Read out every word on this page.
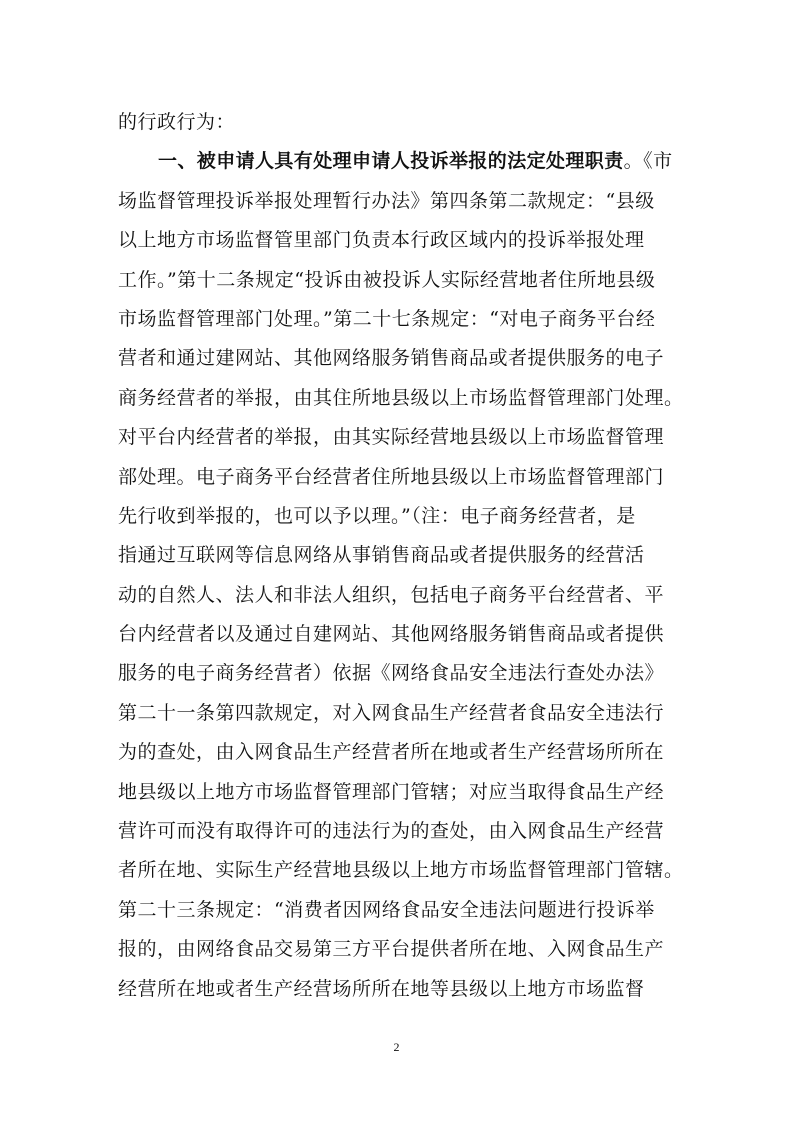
的行政行为：
一、被申请人具有处理申请人投诉举报的法定处理职责。《市
场监督管理投诉举报处理暂行办法》第四条第二款规定：“县级
以上地方市场监督管里部门负责本行政区域内的投诉举报处理
工作。”第十二条规定“投诉由被投诉人实际经营地者住所地县级
市场监督管理部门处理。”第二十七条规定：“对电子商务平台经
营者和通过建网站、其他网络服务销售商品或者提供服务的电子
商务经营者的举报，由其住所地县级以上市场监督管理部门处理。
对平台内经营者的举报，由其实际经营地县级以上市场监督管理
部处理。电子商务平台经营者住所地县级以上市场监督管理部门
先行收到举报的，也可以予以理。”（注：电子商务经营者，是
指通过互联网等信息网络从事销售商品或者提供服务的经营活
动的自然人、法人和非法人组织，包括电子商务平台经营者、平
台内经营者以及通过自建网站、其他网络服务销售商品或者提供
服务的电子商务经营者）依据《网络食品安全违法行查处办法》
第二十一条第四款规定，对入网食品生产经营者食品安全违法行
为的查处，由入网食品生产经营者所在地或者生产经营场所所在
地县级以上地方市场监督管理部门管辖；对应当取得食品生产经
营许可而没有取得许可的违法行为的查处，由入网食品生产经营
者所在地、实际生产经营地县级以上地方市场监督管理部门管辖。
第二十三条规定：“消费者因网络食品安全违法问题进行投诉举
报的，由网络食品交易第三方平台提供者所在地、入网食品生产
经营所在地或者生产经营场所所在地等县级以上地方市场监督
2
